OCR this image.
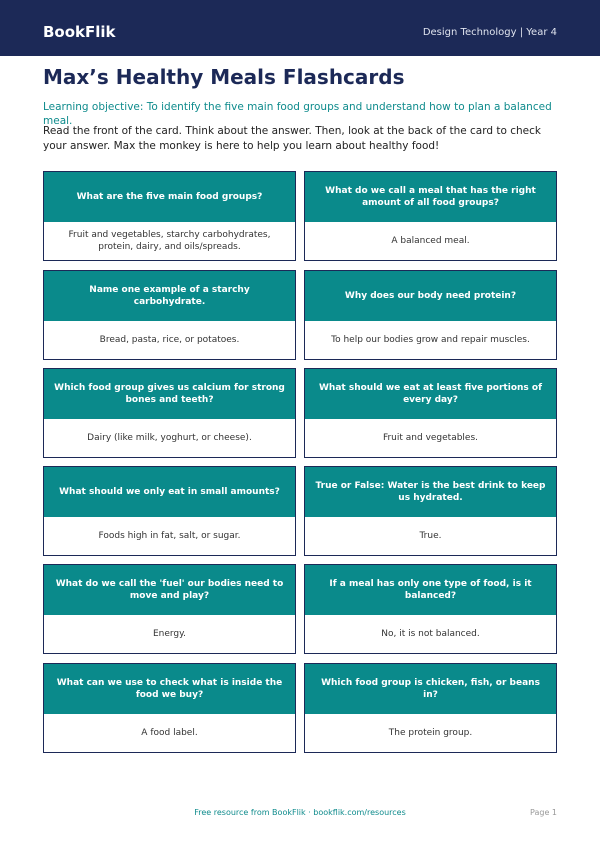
BookFlik	Design Technology | Year 4
Max’s Healthy Meals Flashcards
Learning objective: To identify the five main food groups and understand how to plan a balanced meal.
Read the front of the card. Think about the answer. Then, look at the back of the card to check your answer. Max the monkey is here to help you learn about healthy food!
What are the five main food groups?
Fruit and vegetables, starchy carbohydrates, protein, dairy, and oils/spreads.
What do we call a meal that has the right amount of all food groups?
A balanced meal.
Name one example of a starchy carbohydrate.
Bread, pasta, rice, or potatoes.
Why does our body need protein?
To help our bodies grow and repair muscles.
Which food group gives us calcium for strong bones and teeth?
Dairy (like milk, yoghurt, or cheese).
What should we eat at least five portions of every day?
Fruit and vegetables.
What should we only eat in small amounts?
Foods high in fat, salt, or sugar.
True or False: Water is the best drink to keep us hydrated.
True.
What do we call the 'fuel' our bodies need to move and play?
Energy.
If a meal has only one type of food, is it balanced?
No, it is not balanced.
What can we use to check what is inside the food we buy?
A food label.
Which food group is chicken, fish, or beans in?
The protein group.
Free resource from BookFlik · bookflik.com/resources	Page 1
